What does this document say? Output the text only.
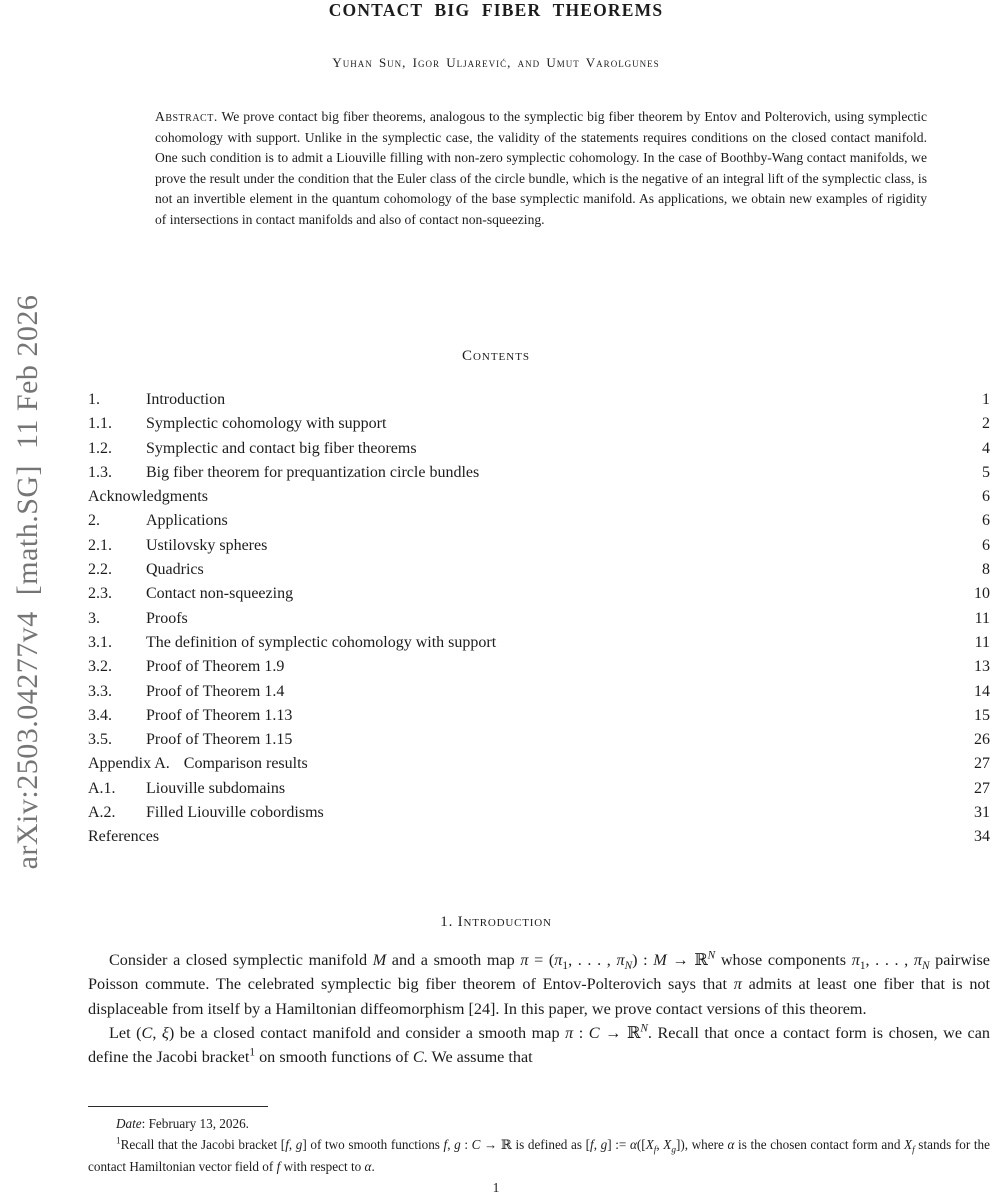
arXiv:2503.04277v4  [math.SG]  11 Feb 2026
CONTACT BIG FIBER THEOREMS
Yuhan Sun, Igor Uljarević, and Umut Varolgunes

Abstract. We prove contact big fiber theorems, analogous to the symplectic big fiber theorem by Entov and Polterovich, using symplectic cohomology with support. Unlike in the symplectic case, the validity of the statements requires conditions on the closed contact manifold. One such condition is to admit a Liouville filling with non-zero symplectic cohomology. In the case of Boothby-Wang contact manifolds, we prove the result under the condition that the Euler class of the circle bundle, which is the negative of an integral lift of the symplectic class, is not an invertible element in the quantum cohomology of the base symplectic manifold. As applications, we obtain new examples of rigidity of intersections in contact manifolds and also of contact non-squeezing.

Contents
1.	Introduction	1
1.1. Symplectic cohomology with support	2
1.2. Symplectic and contact big fiber theorems	4
1.3. Big fiber theorem for prequantization circle bundles	5
Acknowledgments	6
2.	Applications	6
2.1. Ustilovsky spheres	6
2.2. Quadrics	8
2.3. Contact non-squeezing	10
3.	Proofs	11
3.1. The definition of symplectic cohomology with support	11
3.2. Proof of Theorem 1.9	13
3.3. Proof of Theorem 1.4	14
3.4. Proof of Theorem 1.13	15
3.5. Proof of Theorem 1.15	26
Appendix A. Comparison results	27
A.1. Liouville subdomains	27
A.2. Filled Liouville cobordisms	31
References	34
1. Introduction

Consider a closed symplectic manifold M and a smooth map $\pi = (\pi_1$, . . . , $\pi_N$) : M → ℝ$^N$ whose components $\pi_1$, . . . , $\pi_N$ pairwise Poisson commute. The celebrated symplectic big fiber theorem of Entov-Polterovich says that π admits at least one fiber that is not displaceable from itself by a Hamiltonian diffeomorphism [24]. In this paper, we prove contact versions of this theorem.

Let (C, ξ) be a closed contact manifold and consider a smooth map π : C → ℝ$^N$. Recall that once a contact form is chosen, we can define the Jacobi bracket$^1$ on smooth functions of C. We assume that

Date: February 13, 2026.

$^1$Recall that the Jacobi bracket [f, g] of two smooth functions f, g : C → ℝ is defined as [f, g] := $\alpha([X_f$, $X_g$]), where α is the chosen contact form and $X_f$ stands for the contact Hamiltonian vector field of f with respect to α.

1
